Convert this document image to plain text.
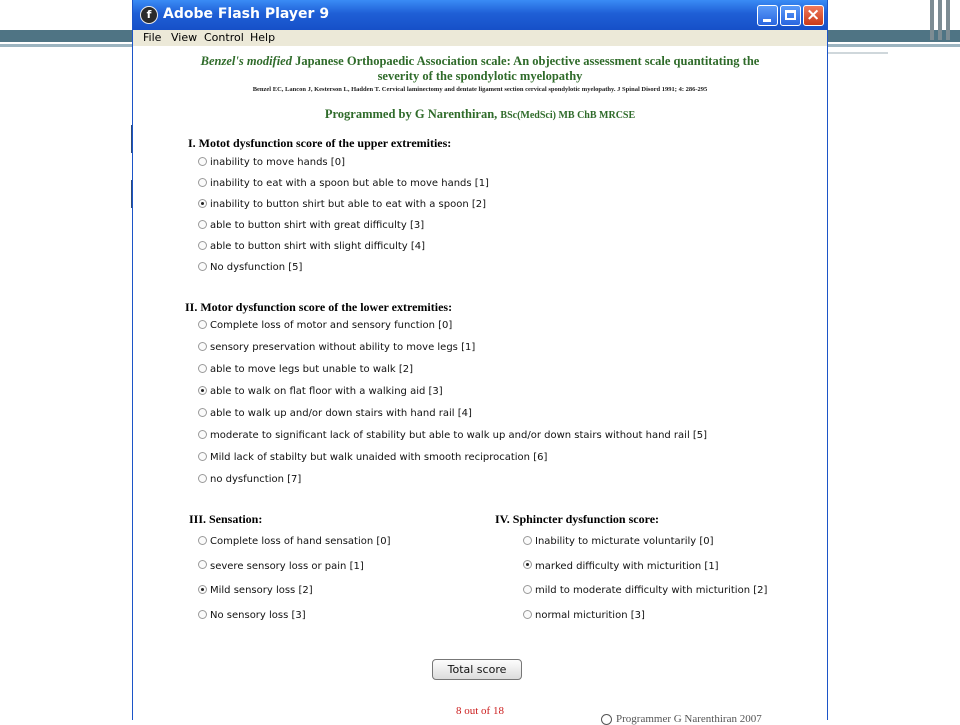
f Adobe Flash Player 9	×
File View Control Help
Benzel's modified Japanese Orthopaedic Association scale: An objective assessment scale quantitating the
severity of the spondylotic myelopathy
Benzel EC, Lancon J, Kesterson L, Hadden T. Cervical laminectomy and dentate ligament section cervical spondylotic myelopathy. J Spinal Disord 1991; 4: 286-295
Programmed by G Narenthiran, BSc(MedSci) MB ChB MRCSE
I. Motot dysfunction score of the upper extremities:
inability to move hands [0]
inability to eat with a spoon but able to move hands [1]
inability to button shirt but able to eat with a spoon [2]
able to button shirt with great difficulty [3]
able to button shirt with slight difficulty [4]
No dysfunction [5]
II. Motor dysfunction score of the lower extremities:
Complete loss of motor and sensory function [0]
sensory preservation without ability to move legs [1]
able to move legs but unable to walk [2]
able to walk on flat floor with a walking aid [3]
able to walk up and/or down stairs with hand rail [4]
moderate to significant lack of stability but able to walk up and/or down stairs without hand rail [5]
Mild lack of stabilty but walk unaided with smooth reciprocation [6]
no dysfunction [7]
III. Sensation:
Complete loss of hand sensation [0]
severe sensory loss or pain [1]
Mild sensory loss [2]
No sensory loss [3]
IV. Sphincter dysfunction score:
Inability to micturate voluntarily [0]
marked difficulty with micturition [1]
mild to moderate difficulty with micturition [2]
normal micturition [3]
Total score
8 out of 18
Programmer G Narenthiran 2007
